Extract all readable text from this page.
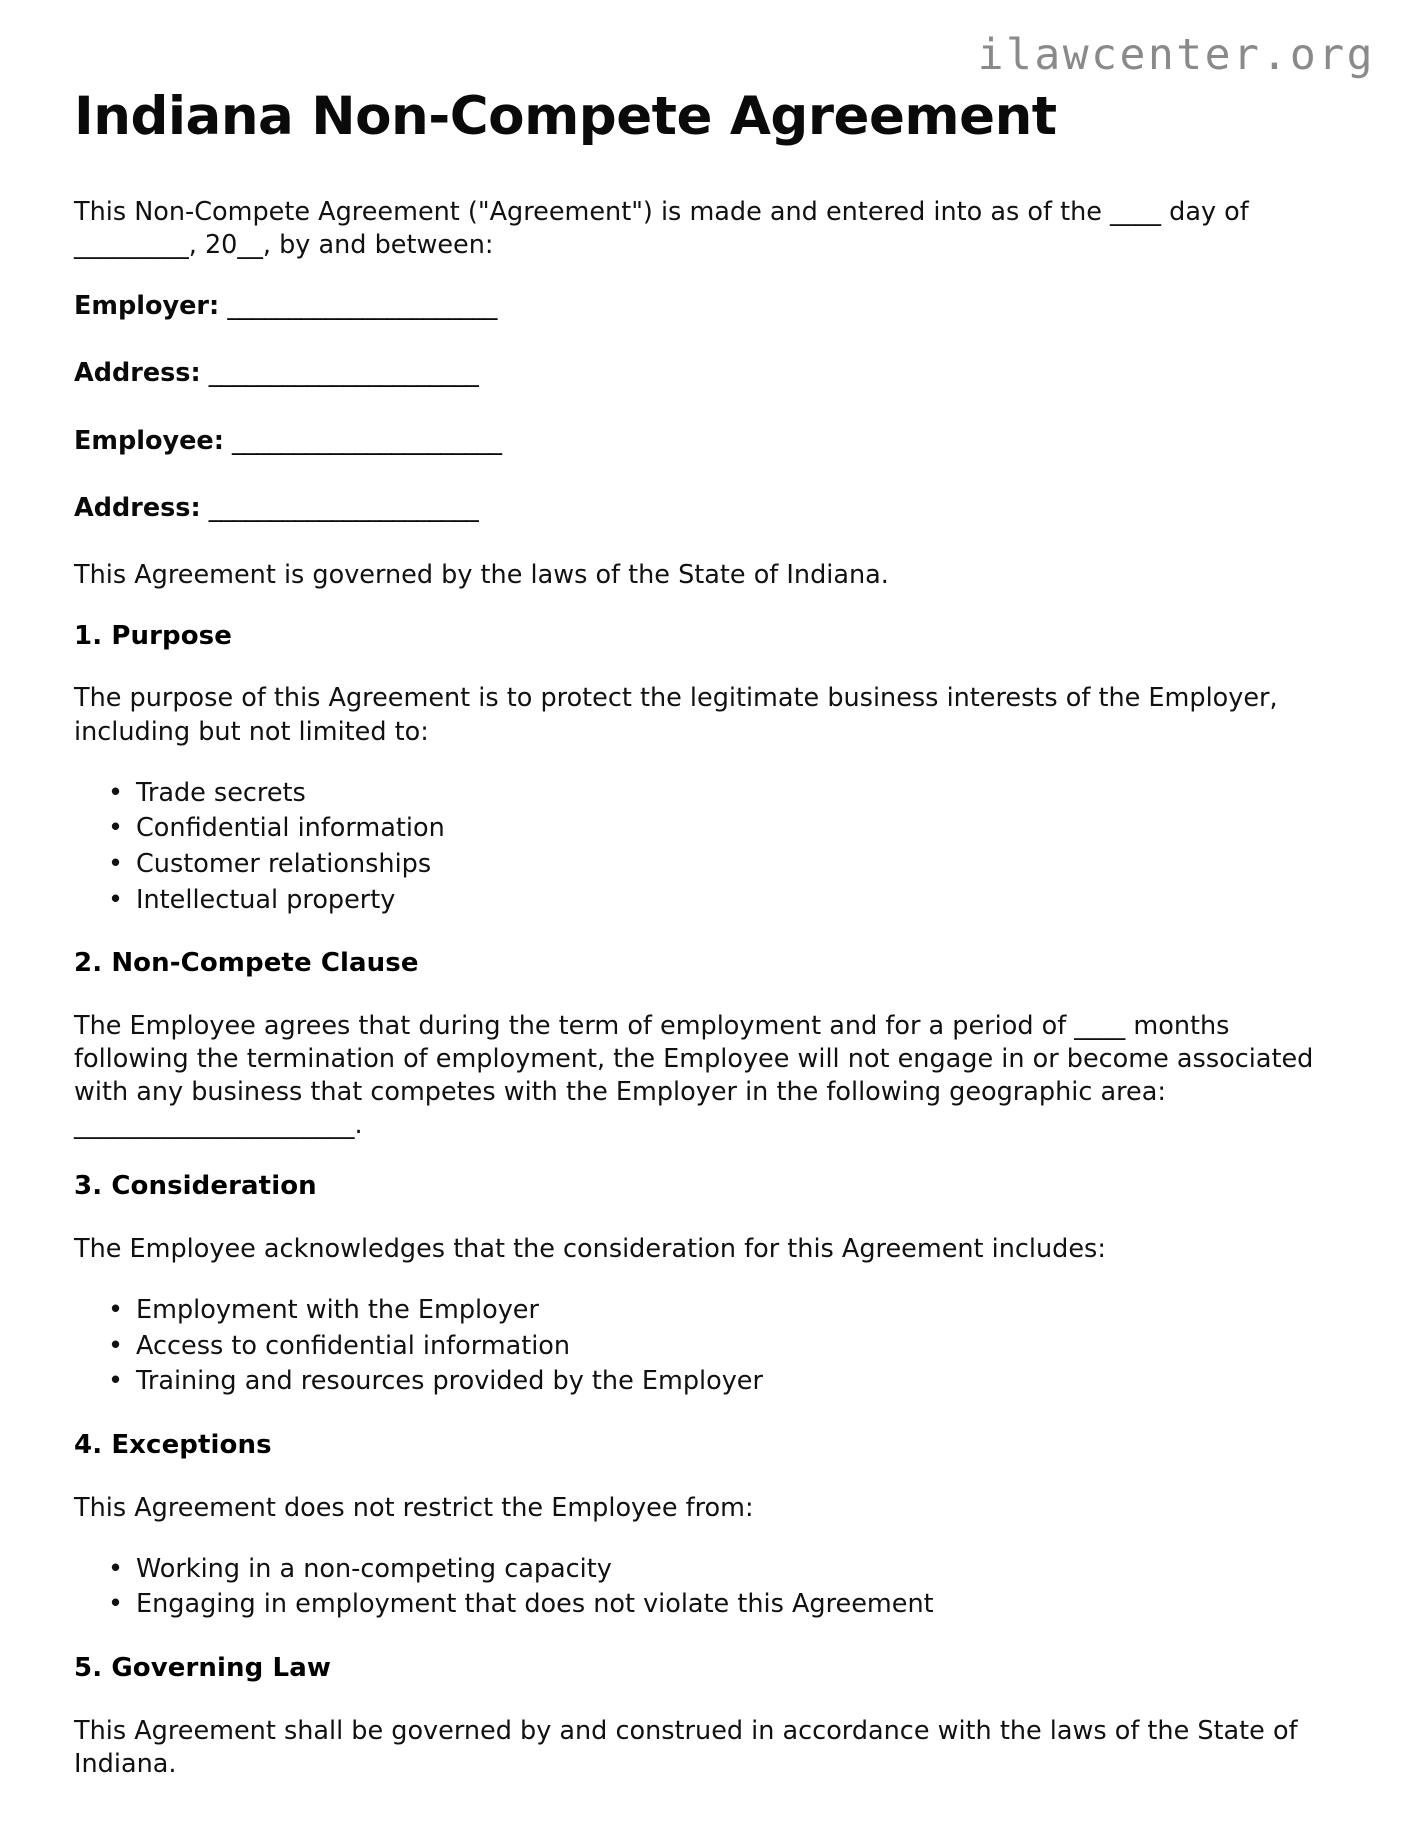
ilawcenter.org
Indiana Non-Compete Agreement

This Non-Compete Agreement ("Agreement") is made and entered into as of the ____ day of _________, 20__, by and between:

Employer: ______________________
Address: ______________________
Employee: ______________________
Address: ______________________

This Agreement is governed by the laws of the State of Indiana.

1. Purpose

The purpose of this Agreement is to protect the legitimate business interests of the Employer, including but not limited to:

• Trade secrets
• Confidential information
• Customer relationships
• Intellectual property
2. Non-Compete Clause

The Employee agrees that during the term of employment and for a period of ____ months following the termination of employment, the Employee will not engage in or become associated with any business that competes with the Employer in the following geographic area: ______________________.

3. Consideration

The Employee acknowledges that the consideration for this Agreement includes:

• Employment with the Employer
• Access to confidential information
• Training and resources provided by the Employer
4. Exceptions

This Agreement does not restrict the Employee from:

• Working in a non-competing capacity
• Engaging in employment that does not violate this Agreement
5. Governing Law

This Agreement shall be governed by and construed in accordance with the laws of the State of Indiana.
